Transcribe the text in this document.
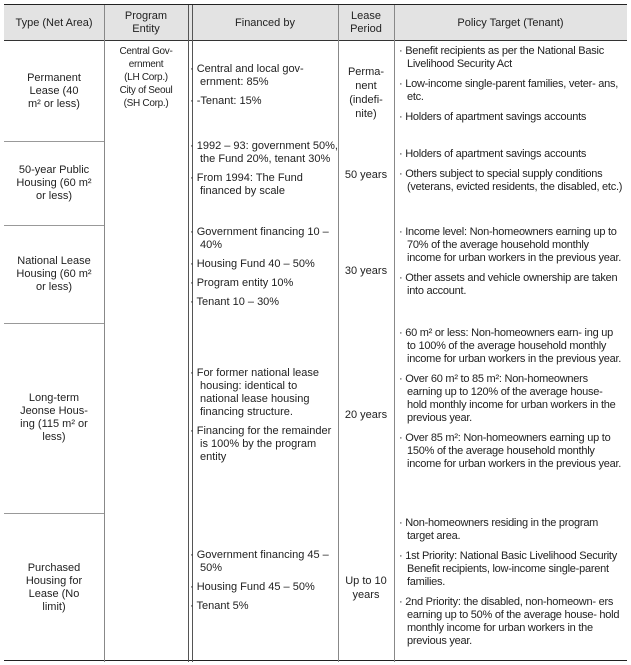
Type (Net Area)
Program Entity
Financed by
Lease Period
Policy Target (Tenant)
Permanent Lease (40 m² or less)
50-year Public Housing (60 m² or less)
National Lease Housing (60 m² or less)
Long-term Jeonse Hous- ing (115 m² or less)
Purchased Housing for Lease (No limit)
Central Gov-
ernment
(LH Corp.)
City of Seoul
(SH Corp.)

· Central and local gov- ernment: 85%

· -Tenant: 15%

· 1992 – 93: government 50%, the Fund 20%, tenant 30%

· From 1994: The Fund financed by scale

· Government financing 10 – 40%

· Housing Fund 40 – 50%

· Program entity 10%

· Tenant 10 – 30%

· For former national lease housing: identical to national lease housing financing structure.

· Financing for the remainder is 100% by the program entity

· Government financing 45 – 50%

· Housing Fund 45 – 50%

· Tenant 5%

Perma- nent (indefi- nite)
50 years
30 years
20 years
Up to 10 years

· Benefit recipients as per the National Basic Livelihood Security Act

· Low-income single-parent families, veter- ans, etc.

· Holders of apartment savings accounts

· Holders of apartment savings accounts

· Others subject to special supply conditions (veterans, evicted residents, the disabled, etc.)

· Income level: Non-homeowners earning up to 70% of the average household monthly income for urban workers in the previous year.

· Other assets and vehicle ownership are taken into account.

· 60 m² or less: Non-homeowners earn- ing up to 100% of the average household monthly income for urban workers in the previous year.

· Over 60 m² to 85 m²: Non-homeowners earning up to 120% of the average house- hold monthly income for urban workers in the previous year.

· Over 85 m²: Non-homeowners earning up to 150% of the average household monthly income for urban workers in the previous year.

· Non-homeowners residing in the program target area.

· 1st Priority: National Basic Livelihood Security Benefit recipients, low-income single-parent families.

· 2nd Priority: the disabled, non-homeown- ers earning up to 50% of the average house- hold monthly income for urban workers in the previous year.
